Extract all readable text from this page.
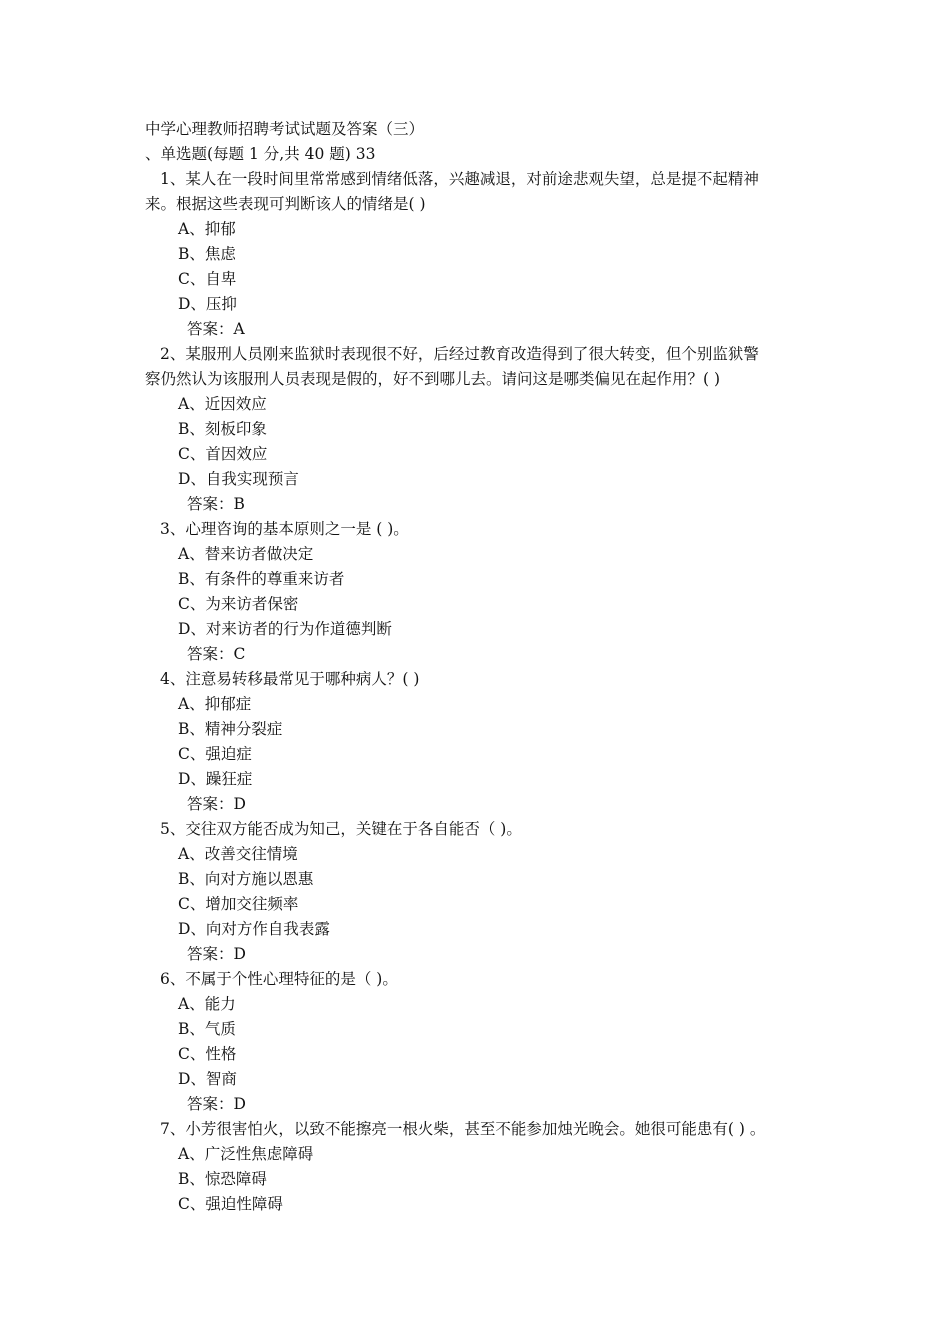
中学心理教师招聘考试试题及答案（三）
、单选题(每题 1 分,共 40 题) 33
1、某人在一段时间里常常感到情绪低落，兴趣减退，对前途悲观失望，总是提不起精神
来。根据这些表现可判断该人的情绪是( )
A、抑郁
B、焦虑
C、自卑
D、压抑
答案：A
2、某服刑人员刚来监狱时表现很不好，后经过教育改造得到了很大转变，但个别监狱警
察仍然认为该服刑人员表现是假的，好不到哪儿去。请问这是哪类偏见在起作用？( )
A、近因效应
B、刻板印象
C、首因效应
D、自我实现预言
答案：B
3、心理咨询的基本原则之一是 ( )。
A、替来访者做决定
B、有条件的尊重来访者
C、为来访者保密
D、对来访者的行为作道德判断
答案：C
4、注意易转移最常见于哪种病人？( )
A、抑郁症
B、精神分裂症
C、强迫症
D、躁狂症
答案：D
5、交往双方能否成为知己，关键在于各自能否（ )。
A、改善交往情境
B、向对方施以恩惠
C、增加交往频率
D、向对方作自我表露
答案：D
6、不属于个性心理特征的是（ )。
A、能力
B、气质
C、性格
D、智商
答案：D
7、小芳很害怕火，以致不能擦亮一根火柴，甚至不能参加烛光晚会。她很可能患有( ) 。
A、广泛性焦虑障碍
B、惊恐障碍
C、强迫性障碍
